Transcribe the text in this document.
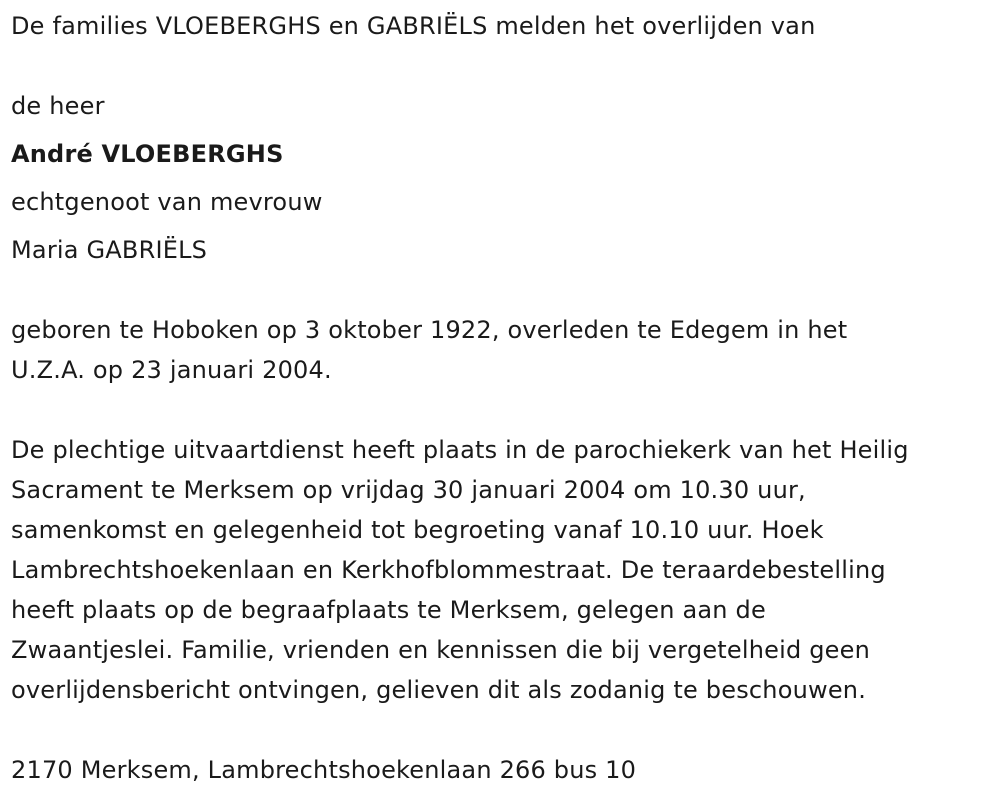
De families VLOEBERGHS en GABRIËLS melden het overlijden van
de heer
André VLOEBERGHS
echtgenoot van mevrouw
Maria GABRIËLS
geboren te Hoboken op 3 oktober 1922, overleden te Edegem in het
U.Z.A. op 23 januari 2004.
De plechtige uitvaartdienst heeft plaats in de parochiekerk van het Heilig
Sacrament te Merksem op vrijdag 30 januari 2004 om 10.30 uur,
samenkomst en gelegenheid tot begroeting vanaf 10.10 uur. Hoek
Lambrechtshoekenlaan en Kerkhofblommestraat. De teraardebestelling
heeft plaats op de begraafplaats te Merksem, gelegen aan de
Zwaantjeslei. Familie, vrienden en kennissen die bij vergetelheid geen
overlijdensbericht ontvingen, gelieven dit als zodanig te beschouwen.
2170 Merksem, Lambrechtshoekenlaan 266 bus 10
